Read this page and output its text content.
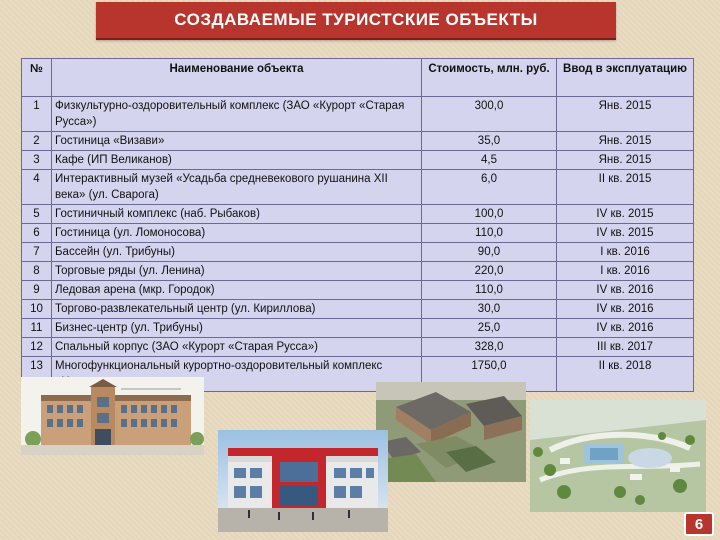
СОЗДАВАЕМЫЕ ТУРИСТСКИЕ ОБЪЕКТЫ
№	Наименование объекта	Стоимость, млн. руб.	Ввод в эксплуатацию
1	Физкультурно-оздоровительный комплекс (ЗАО «Курорт «Старая Русса»)	300,0	Янв. 2015
2	Гостиница «Визави»	35,0	Янв. 2015
3	Кафе (ИП Великанов)	4,5	Янв. 2015
4	Интерактивный музей «Усадьба средневекового рушанина XII века» (ул. Сварога)	6,0	II кв. 2015
5	Гостиничный комплекс (наб. Рыбаков)	100,0	IV кв. 2015
6	Гостиница (ул. Ломоносова)	110,0	IV кв. 2015
7	Бассейн (ул. Трибуны)	90,0	I кв. 2016
8	Торговые ряды (ул. Ленина)	220,0	I кв. 2016
9	Ледовая арена (мкр. Городок)	110,0	IV кв. 2016
10	Торгово-развлекательный центр (ул. Кириллова)	30,0	IV кв. 2016
11	Бизнес-центр (ул. Трибуны)	25,0	IV кв. 2016
12	Спальный корпус (ЗАО «Курорт «Старая Русса»)	328,0	III кв. 2017
13	Многофункциональный курортно-оздоровительный комплекс	1750,0	II кв. 2018
6
